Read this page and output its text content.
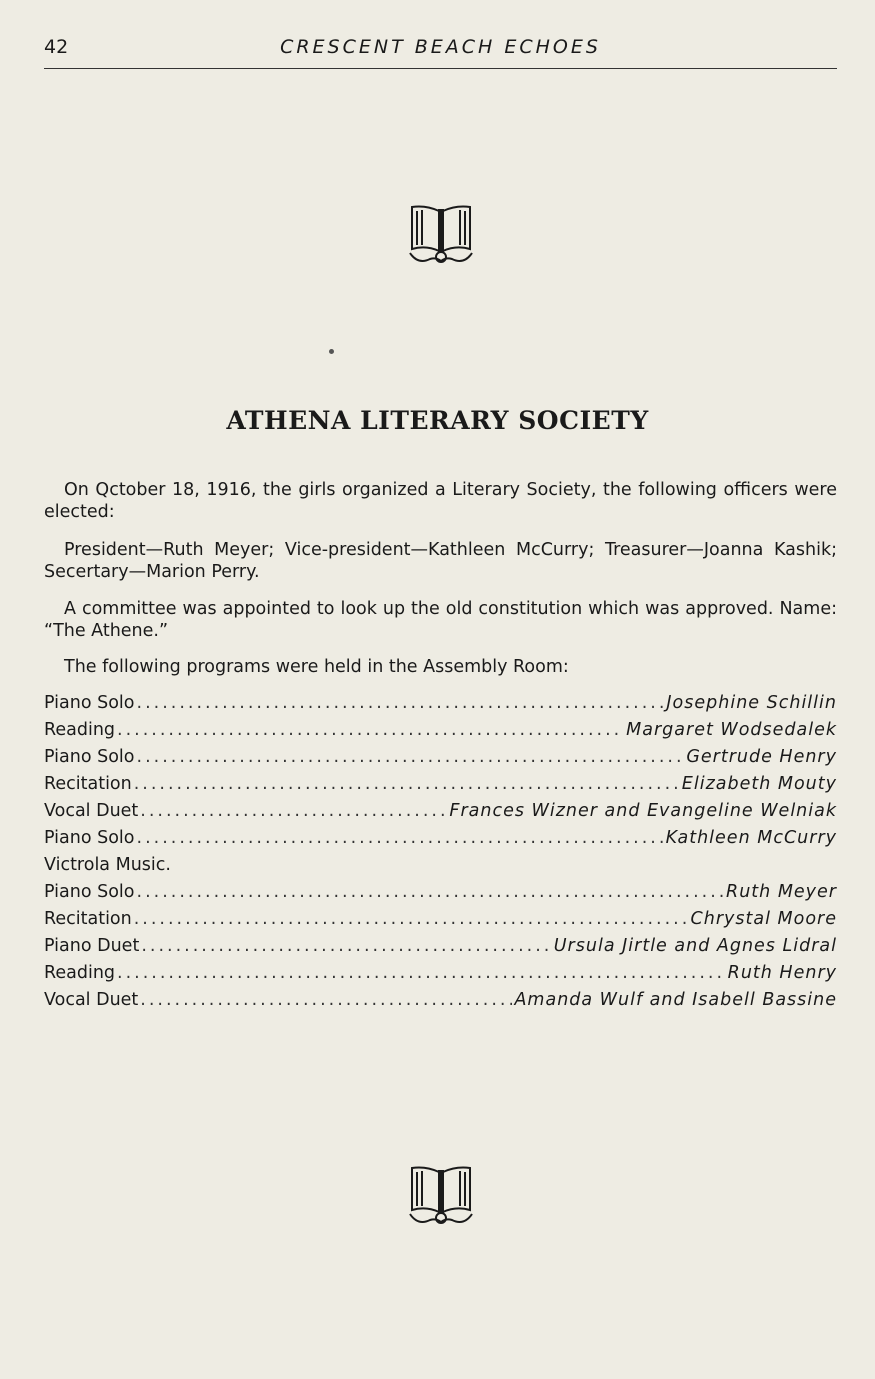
42	CRESCENT BEACH ECHOES
ATHENA LITERARY SOCIETY
On Qctober 18, 1916, the girls organized a Literary Society, the following officers were elected:
President—Ruth Meyer; Vice-president—Kathleen McCurry; Treasurer—Joanna Kashik; Secertary—Marion Perry.
A committee was appointed to look up the old constitution which was approved. Name: “The Athene.”
The following programs were held in the Assembly Room:
Piano Solo .....	Josephine Schillin
Reading .....	Margaret Wodsedalek
Piano Solo .....	Gertrude Henry
Recitation .....	Elizabeth Mouty
Vocal Duet .....	Frances Wizner and Evangeline Welniak
Piano Solo .....	Kathleen McCurry
Victrola Music.
Piano Solo .....	Ruth Meyer
Recitation .....	Chrystal Moore
Piano Duet .....	Ursula Jirtle and Agnes Lidral
Reading .....	Ruth Henry
Vocal Duet .....	Amanda Wulf and Isabell Bassine
